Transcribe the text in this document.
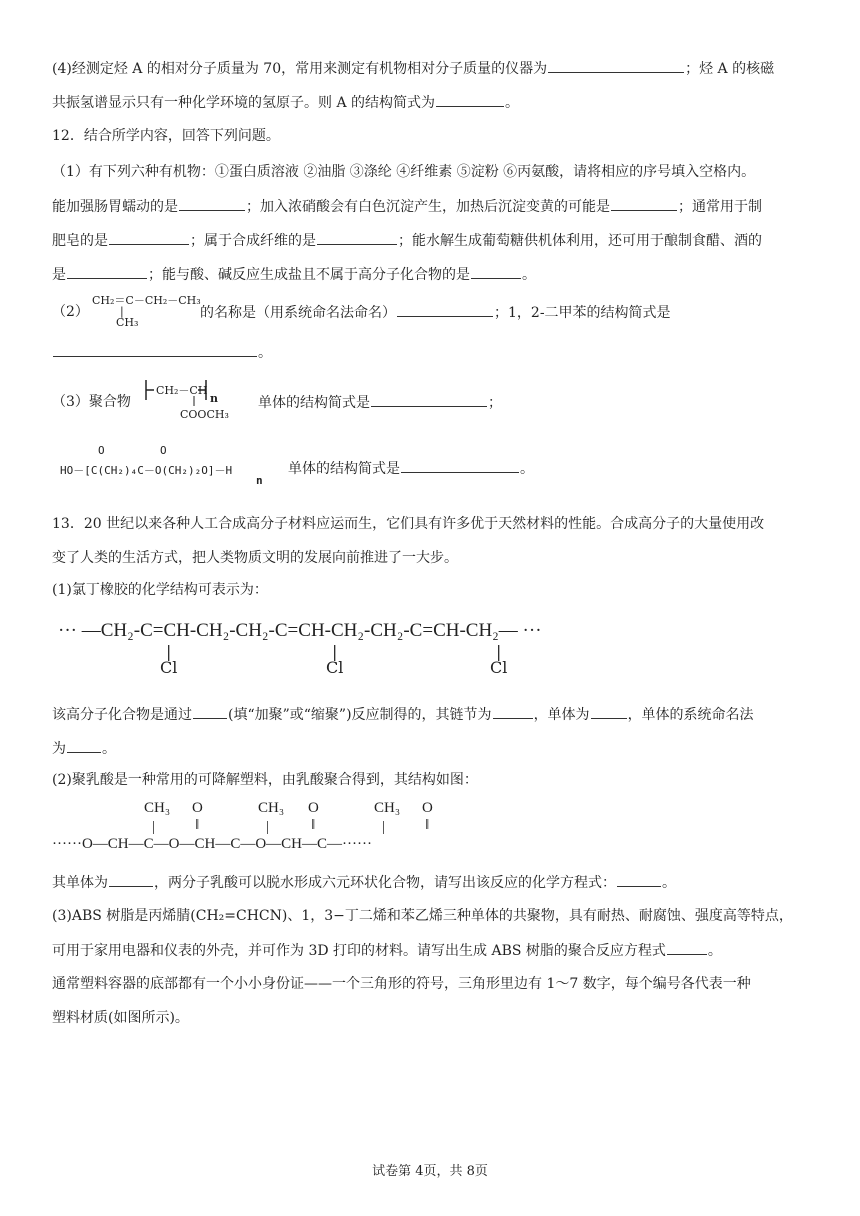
(4)经测定烃 A 的相对分子质量为 70，常用来测定有机物相对分子质量的仪器为	；烃 A 的核磁
共振氢谱显示只有一种化学环境的氢原子。则 A 的结构简式为	。
12．结合所学内容，回答下列问题。
（1）有下列六种有机物：①蛋白质溶液 ②油脂 ③涤纶 ④纤维素 ⑤淀粉 ⑥丙氨酸，请将相应的序号填入空格内。
能加强肠胃蠕动的是	；加入浓硝酸会有白色沉淀产生，加热后沉淀变黄的可能是	；通常用于制
肥皂的是	；属于合成纤维的是	；能水解生成葡萄糖供机体利用，还可用于酿制食醋、酒的
是	；能与酸、碱反应生成盐且不属于高分子化合物的是	。
（2）
CH₂＝C－CH₂－CH₃
|
CH₃
的名称是（用系统命名法命名）	；1，2-二甲苯的结构简式是
。
（3）聚合物
CH₂－CH
n
COOCH₃
单体的结构简式是	；
O	O
HO－[C(CH₂)₄C－O(CH₂)₂O]－H
n
单体的结构简式是	。
13．20 世纪以来各种人工合成高分子材料应运而生，它们具有许多优于天然材料的性能。合成高分子的大量使用改
变了人类的生活方式，把人类物质文明的发展向前推进了一大步。
(1)氯丁橡胶的化学结构可表示为：
··· —CH₂-C=CH-CH₂-CH₂-C=CH-CH₂-CH₂-C=CH-CH₂— ···
|
Cl
|
Cl
|
Cl
该高分子化合物是通过	(填“加聚”或“缩聚”)反应制得的，其链节为	，单体为	，单体的系统命名法
为	。
(2)聚乳酸是一种常用的可降解塑料，由乳酸聚合得到，其结构如图：
CH₃ O	CH₃ O	CH₃ O
|	‖	|	‖	|	‖
······O—CH—C—O—CH—C—O—CH—C—······
其单体为	，两分子乳酸可以脱水形成六元环状化合物，请写出该反应的化学方程式：	。
(3)ABS 树脂是丙烯腈(CH₂=CHCN)、1，3−丁二烯和苯乙烯三种单体的共聚物，具有耐热、耐腐蚀、强度高等特点，
可用于家用电器和仪表的外壳，并可作为 3D 打印的材料。请写出生成 ABS 树脂的聚合反应方程式	。
通常塑料容器的底部都有一个小小身份证——一个三角形的符号，三角形里边有 1～7 数字，每个编号各代表一种
塑料材质(如图所示)。
试卷第 4页，共 8页
